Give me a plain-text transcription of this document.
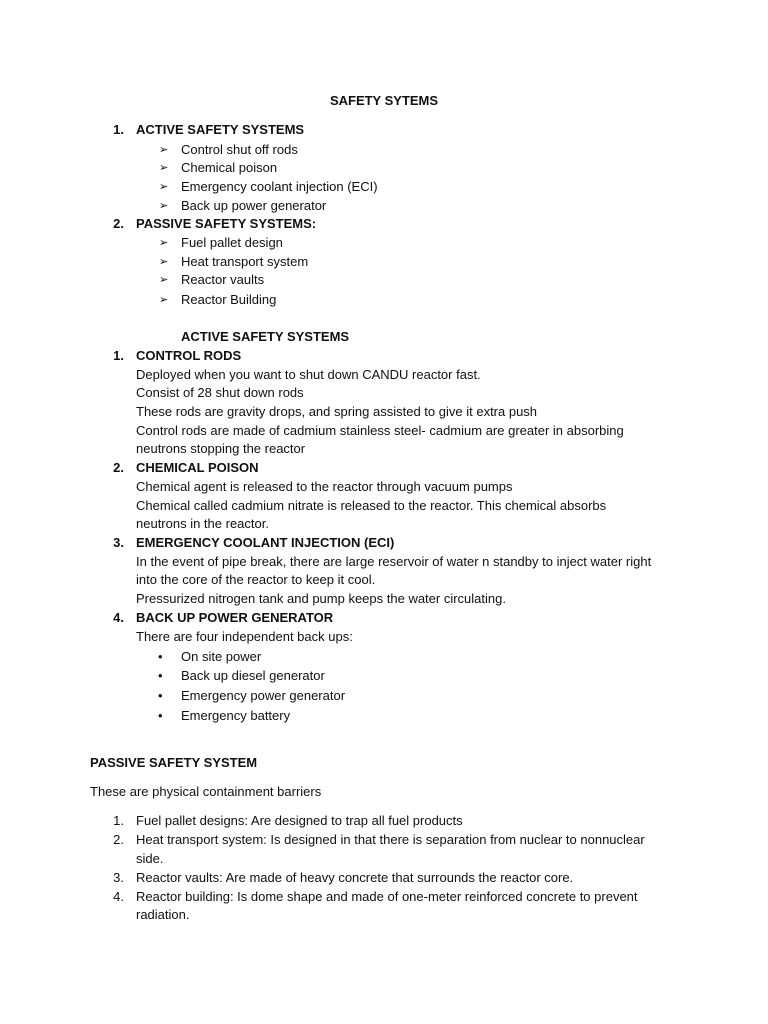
SAFETY SYTEMS
1. ACTIVE SAFETY SYSTEMS
➢ Control shut off rods
➢ Chemical poison
➢ Emergency coolant injection (ECI)
➢ Back up power generator
2. PASSIVE SAFETY SYSTEMS:
➢ Fuel pallet design
➢ Heat transport system
➢ Reactor vaults
➢ Reactor Building
ACTIVE SAFETY SYSTEMS
1. CONTROL RODS
Deployed when you want to shut down CANDU reactor fast.
Consist of 28 shut down rods
These rods are gravity drops, and spring assisted to give it extra push
Control rods are made of cadmium stainless steel- cadmium are greater in absorbing
neutrons stopping the reactor
2. CHEMICAL POISON
Chemical agent is released to the reactor through vacuum pumps
Chemical called cadmium nitrate is released to the reactor. This chemical absorbs
neutrons in the reactor.
3. EMERGENCY COOLANT INJECTION (ECI)
In the event of pipe break, there are large reservoir of water n standby to inject water right
into the core of the reactor to keep it cool.
Pressurized nitrogen tank and pump keeps the water circulating.
4. BACK UP POWER GENERATOR
There are four independent back ups:
• On site power
• Back up diesel generator
• Emergency power generator
• Emergency battery
PASSIVE SAFETY SYSTEM
These are physical containment barriers
1. Fuel pallet designs: Are designed to trap all fuel products
2. Heat transport system: Is designed in that there is separation from nuclear to nonnuclear
side.
3. Reactor vaults: Are made of heavy concrete that surrounds the reactor core.
4. Reactor building: Is dome shape and made of one-meter reinforced concrete to prevent
radiation.
